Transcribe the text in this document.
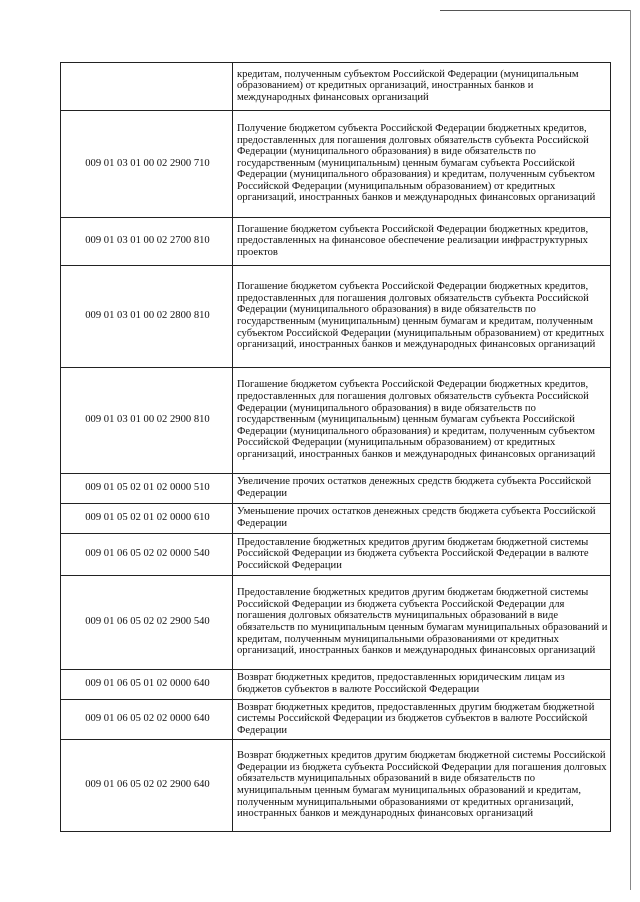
	кредитам, полученным субъектом Российской Федерации (муниципальным образованием) от кредитных организаций, иностранных банков и международных финансовых организаций
009 01 03 01 00 02 2900 710	Получение бюджетом субъекта Российской Федерации бюджетных кредитов, предоставленных для погашения долговых обязательств субъекта Российской Федерации (муниципального образования) в виде обязательств по государственным (муниципальным) ценным бумагам субъекта Российской Федерации (муниципального образования) и кредитам, полученным субъектом Российской Федерации (муниципальным образованием) от кредитных организаций, иностранных банков и международных финансовых организаций
009 01 03 01 00 02 2700 810	Погашение бюджетом субъекта Российской Федерации бюджетных кредитов, предоставленных на финансовое обеспечение реализации инфраструктурных проектов
009 01 03 01 00 02 2800 810	Погашение бюджетом субъекта Российской Федерации бюджетных кредитов, предоставленных для погашения долговых обязательств субъекта Российской Федерации (муниципального образования) в виде обязательств по государственным (муниципальным) ценным бумагам и кредитам, полученным субъектом Российской Федерации (муниципальным образованием) от кредитных организаций, иностранных банков и международных финансовых организаций
009 01 03 01 00 02 2900 810	Погашение бюджетом субъекта Российской Федерации бюджетных кредитов, предоставленных для погашения долговых обязательств субъекта Российской Федерации (муниципального образования) в виде обязательств по государственным (муниципальным) ценным бумагам субъекта Российской Федерации (муниципального образования) и кредитам, полученным субъектом Российской Федерации (муниципальным образованием) от кредитных организаций, иностранных банков и международных финансовых организаций
009 01 05 02 01 02 0000 510	Увеличение прочих остатков денежных средств бюджета субъекта Российской Федерации
009 01 05 02 01 02 0000 610	Уменьшение прочих остатков денежных средств бюджета субъекта Российской Федерации
009 01 06 05 02 02 0000 540	Предоставление бюджетных кредитов другим бюджетам бюджетной системы Российской Федерации из бюджета субъекта Российской Федерации в валюте Российской Федерации
009 01 06 05 02 02 2900 540	Предоставление бюджетных кредитов другим бюджетам бюджетной системы Российской Федерации из бюджета субъекта Российской Федерации для погашения долговых обязательств муниципальных образований в виде обязательств по муниципальным ценным бумагам муниципальных образований и кредитам, полученным муниципальными образованиями от кредитных организаций, иностранных банков и международных финансовых организаций
009 01 06 05 01 02 0000 640	Возврат бюджетных кредитов, предоставленных юридическим лицам из бюджетов субъектов в валюте Российской Федерации
009 01 06 05 02 02 0000 640	Возврат бюджетных кредитов, предоставленных другим бюджетам бюджетной системы Российской Федерации из бюджетов субъектов в валюте Российской Федерации
009 01 06 05 02 02 2900 640	Возврат бюджетных кредитов другим бюджетам бюджетной системы Российской Федерации из бюджета субъекта Российской Федерации для погашения долговых обязательств муниципальных образований в виде обязательств по муниципальным ценным бумагам муниципальных образований и кредитам, полученным муниципальными образованиями от кредитных организаций, иностранных банков и международных финансовых организаций
